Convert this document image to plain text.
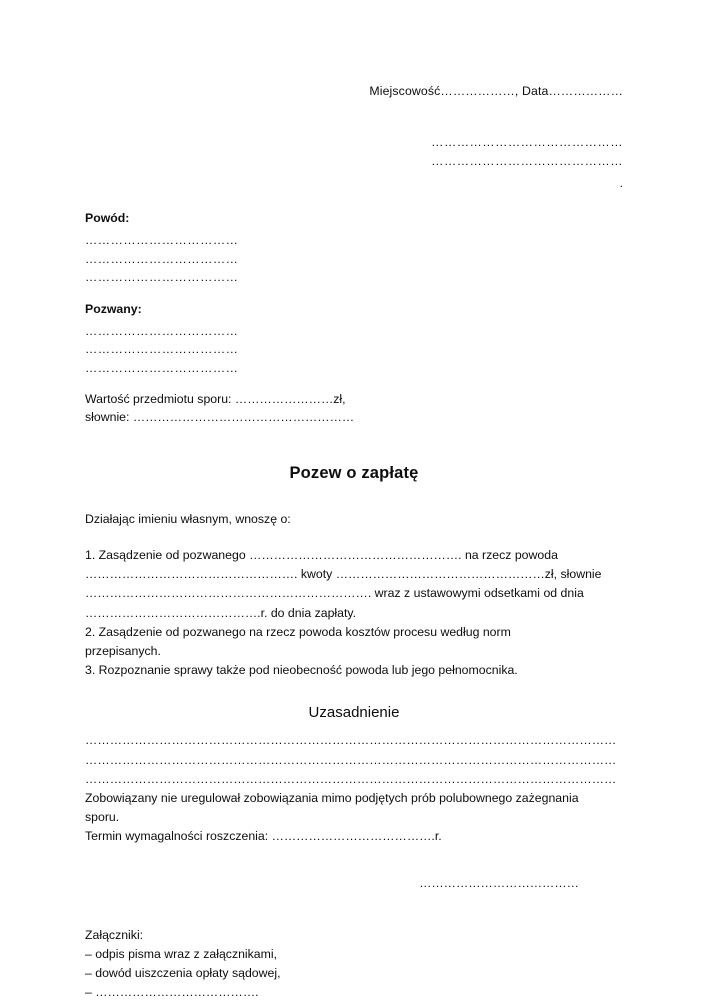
Miejscowość………………, Data………………
………………………………………
………………………………………
.
Powód:
………………………………
………………………………
………………………………
Pozwany:
………………………………
………………………………
………………………………
Wartość przedmiotu sporu: ……………………zł,
słownie: ………………………………………………
Pozew o zapłatę
Działając imieniu własnym, wnoszę o:
1. Zasądzenie od pozwanego ……………………………………………. na rzecz powoda
……………………………………………. kwoty ……………………………………………zł, słownie
……………………………………………………………. wraz z ustawowymi odsetkami od dnia
…………………………………….r. do dnia zapłaty.
2. Zasądzenie od pozwanego na rzecz powoda kosztów procesu według norm
przepisanych.
3. Rozpoznanie sprawy także pod nieobecność powoda lub jego pełnomocnika.
Uzasadnienie
…………………………………………………………………………………………………………………
…………………………………………………………………………………………………………………
…………………………………………………………………………………………………………………
Zobowiązany nie uregulował zobowiązania mimo podjętych prób polubownego zażegnania
sporu.
Termin wymagalności roszczenia: ………………………………….r.
…………………………………
Załączniki:
– odpis pisma wraz z załącznikami,
– dowód uiszczenia opłaty sądowej,
– ………………………………….
